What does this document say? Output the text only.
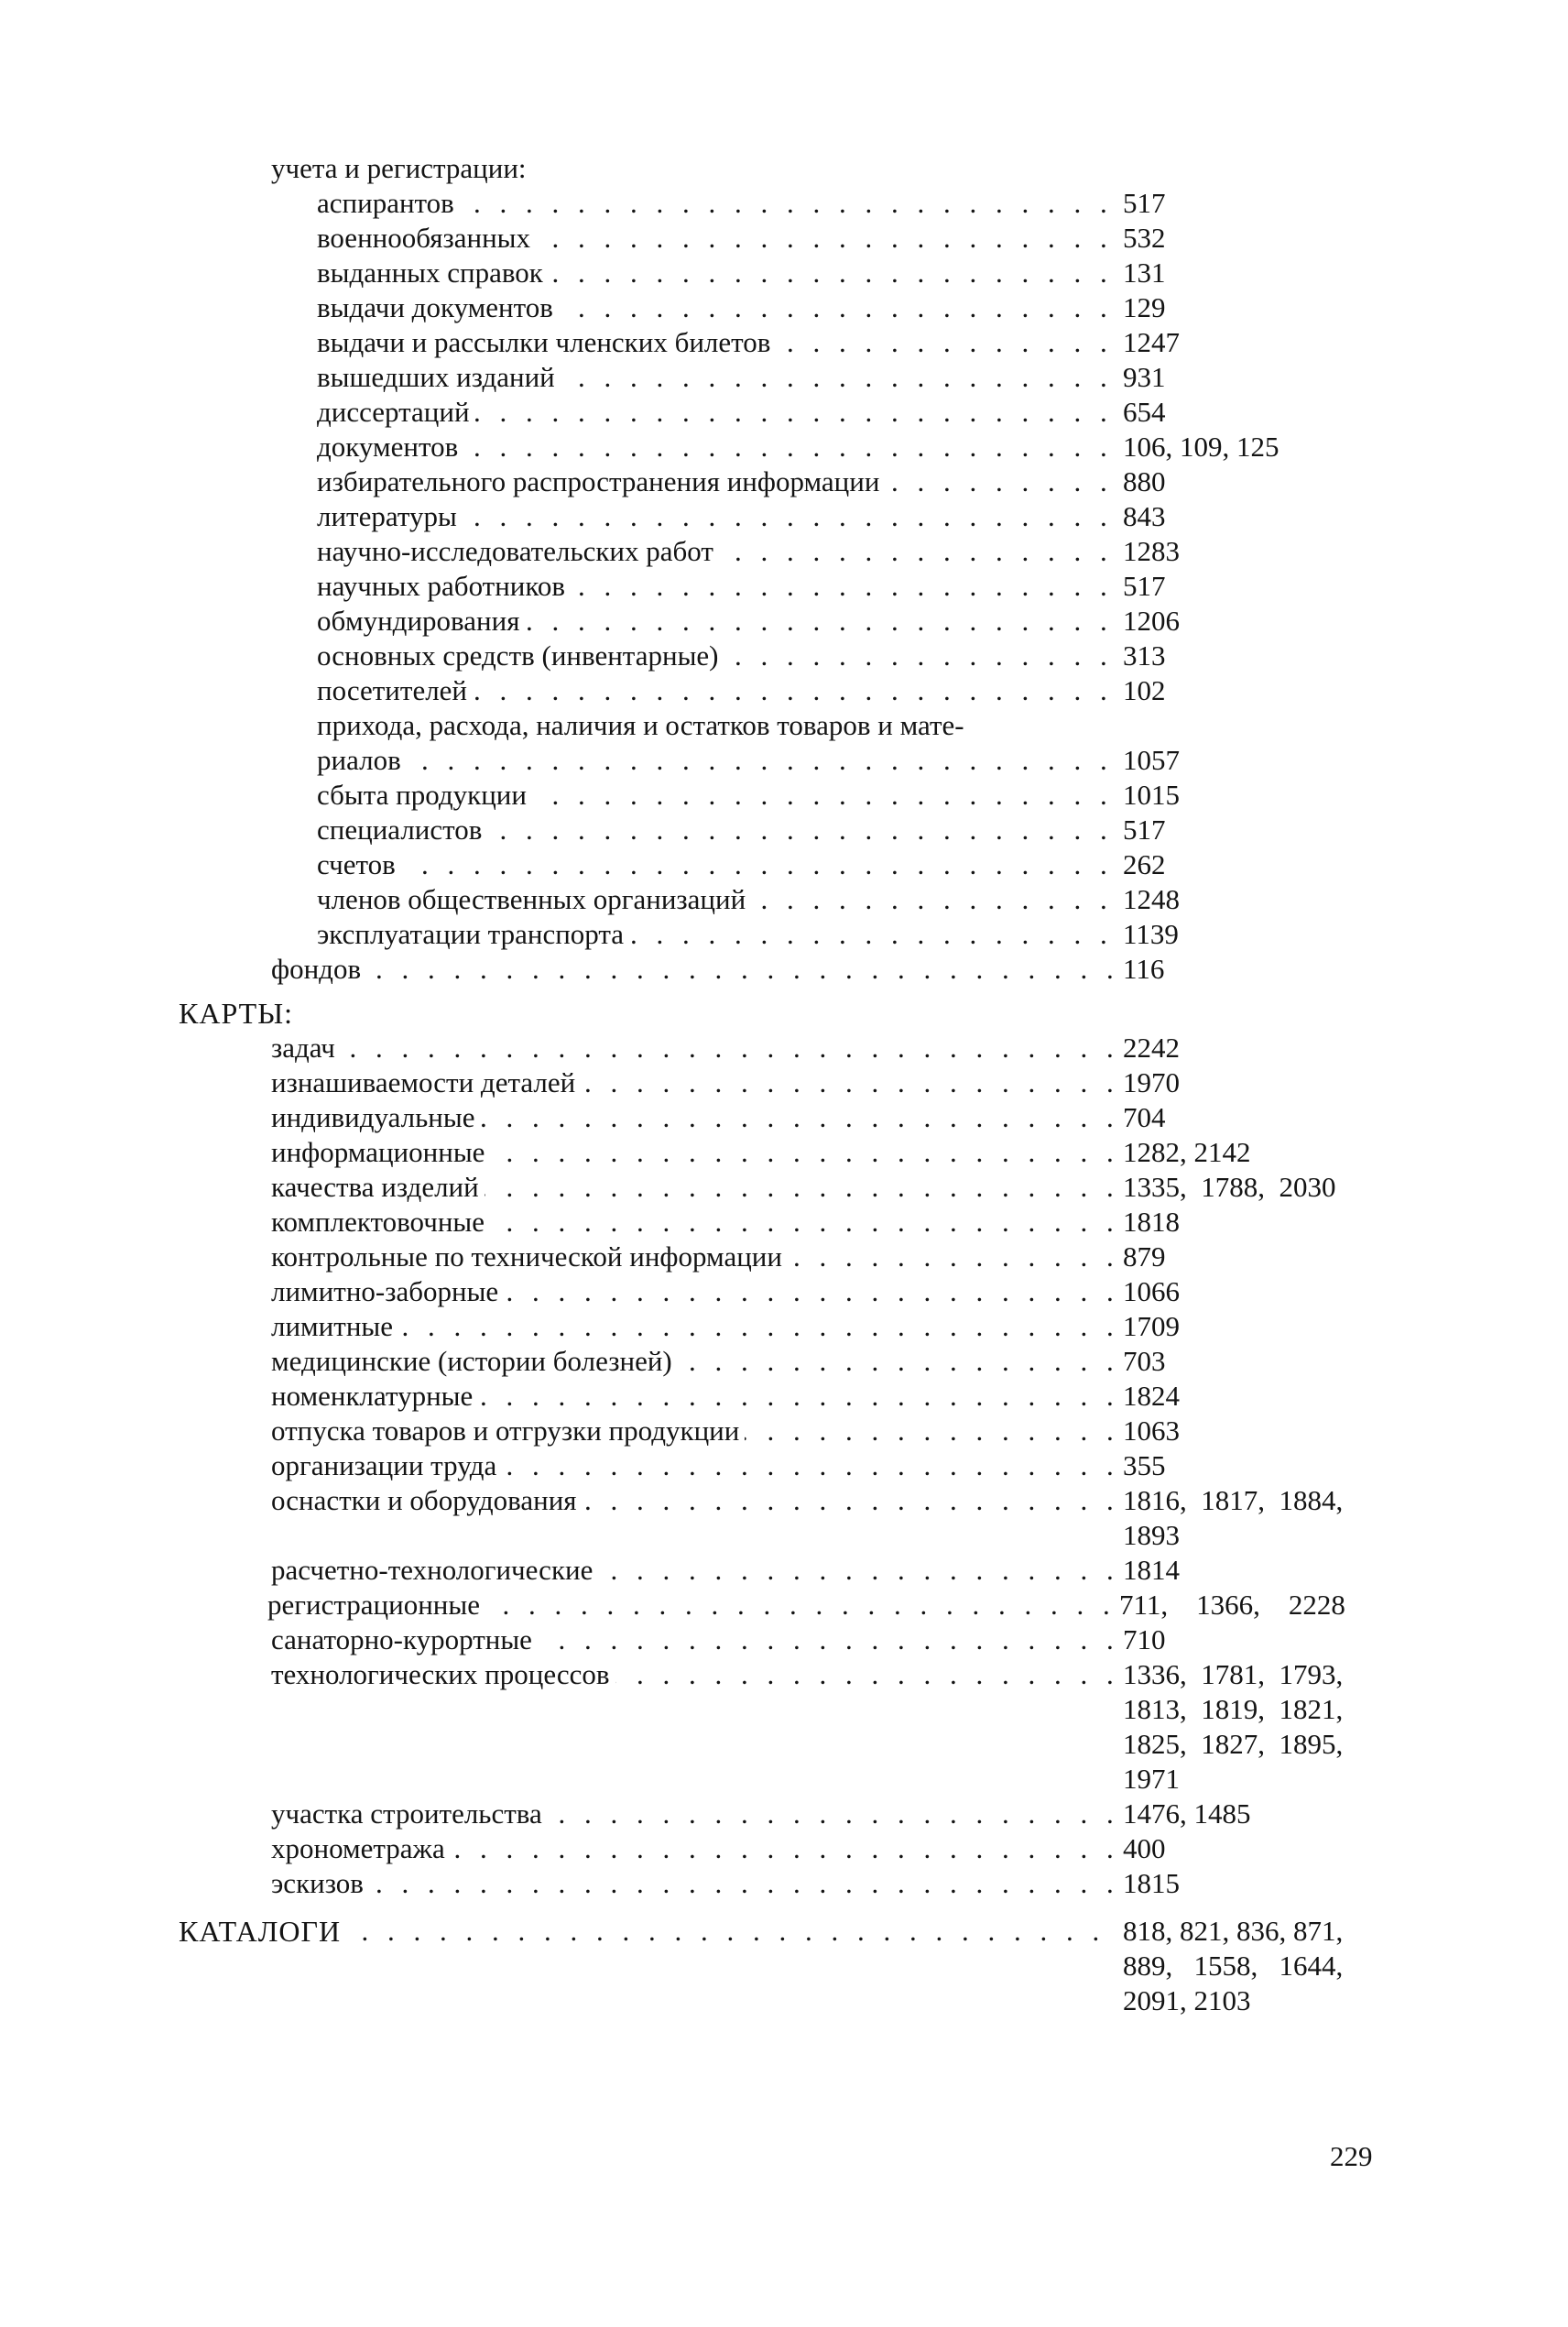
учета и регистрации:
. . .
аспирантов	517
. . .
военнообязанных	532
. . .
выданных справок	131
. . .
выдачи документов	129
. . .
выдачи и рассылки членских билетов	1247
. . .
вышедших изданий	931
. . .
диссертаций	654
. . .
документов	106, 109, 125
. . .
избирательного распространения информации	880
. . .
литературы	843
. . .
научно-исследовательских работ	1283
. . .
научных работников	517
. . .
обмундирования	1206
. . .
основных средств (инвентарные)	313
. . .
посетителей	102
прихода, расхода, наличия и остатков товаров и мате-
. . .
риалов	1057
. . .
сбыта продукции	1015
. . .
специалистов	517
. . .
счетов	262
. . .
членов общественных организаций	1248
. . .
эксплуатации транспорта	1139
. . .
фондов	116
КАРТЫ:
. . .
задач	2242
. . .
изнашиваемости деталей	1970
. . .
индивидуальные	704
. . .
информационные	1282, 2142
. . .
качества изделий	1335,  1788,  2030
. . .
комплектовочные	1818
. . .
контрольные по технической информации	879
. . .
лимитно-заборные	1066
. . .
лимитные	1709
. . .
медицинские (истории болезней)	703
. . .
номенклатурные	1824
. . .
отпуска товаров и отгрузки продукции	1063
. . .
организации труда	355
. . .
оснастки и оборудования	1816,  1817,  1884,
1893
. . .
расчетно-технологические	1814
. . .
регистрационные	711,    1366,    2228
. . .
санаторно-курортные	710
. . .
технологических процессов	1336,  1781,  1793,
1813,  1819,  1821,
1825,  1827,  1895,
1971
. . .
участка строительства	1476, 1485
. . .
хронометража	400
. . .
эскизов	1815
. . .
КАТАЛОГИ	818, 821, 836, 871,
889,   1558,   1644,
2091, 2103
229
